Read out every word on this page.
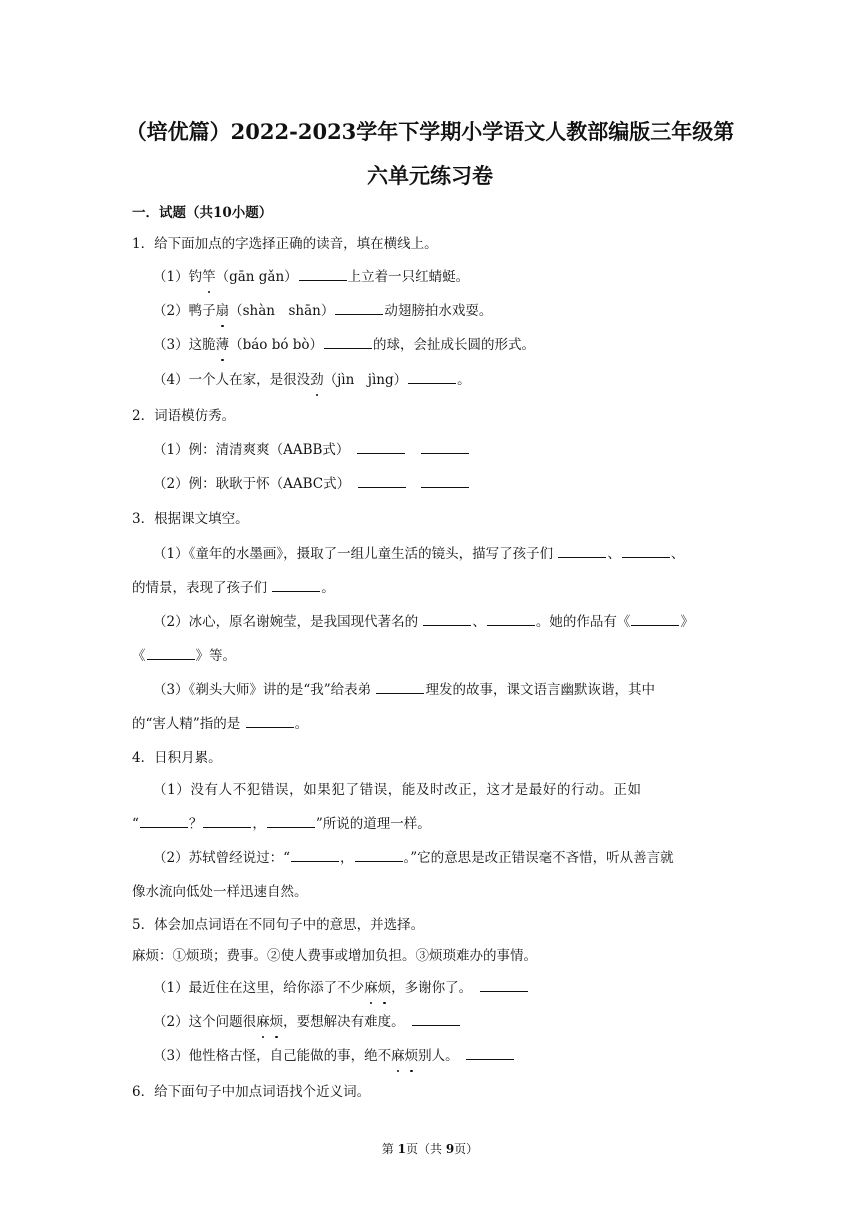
（培优篇）2022-2023学年下学期小学语文人教部编版三年级第
六单元练习卷
一．试题（共10小题）
1．给下面加点的字选择正确的读音，填在横线上。
（1）钓竿（gān gǎn）	上立着一只红蜻蜓。
（2）鸭子扇（shàn　shān）	动翅膀拍水戏耍。
（3）这脆薄（báo bó bò）	的球，会扯成长圆的形式。
（4）一个人在家，是很没劲（jìn　jìng）	。
2．词语模仿秀。
（1）例：清清爽爽（AABB式）　　
（2）例：耿耿于怀（AABC式）　　
3．根据课文填空。
（1）《童年的水墨画》，摄取了一组儿童生活的镜头，描写了孩子们	、	、
的情景，表现了孩子们	。
（2）冰心，原名谢婉莹，是我国现代著名的	、	。她的作品有《	》
《	》等。
（3）《剃头大师》讲的是“我”给表弟	理发的故事，课文语言幽默诙谐，其中
的“害人精”指的是	。
4．日积月累。
（1）没有人不犯错误，如果犯了错误，能及时改正，这才是最好的行动。正如
“	？	，	”所说的道理一样。
（2）苏轼曾经说过：“	，	。”它的意思是改正错误毫不吝惜，听从善言就
像水流向低处一样迅速自然。
5．体会加点词语在不同句子中的意思，并选择。
麻烦：①烦琐；费事。②使人费事或增加负担。③烦琐难办的事情。
（1）最近住在这里，给你添了不少麻烦，多谢你了。　
（2）这个问题很麻烦，要想解决有难度。　
（3）他性格古怪，自己能做的事，绝不麻烦别人。　
6．给下面句子中加点词语找个近义词。
第 1页（共 9页）
